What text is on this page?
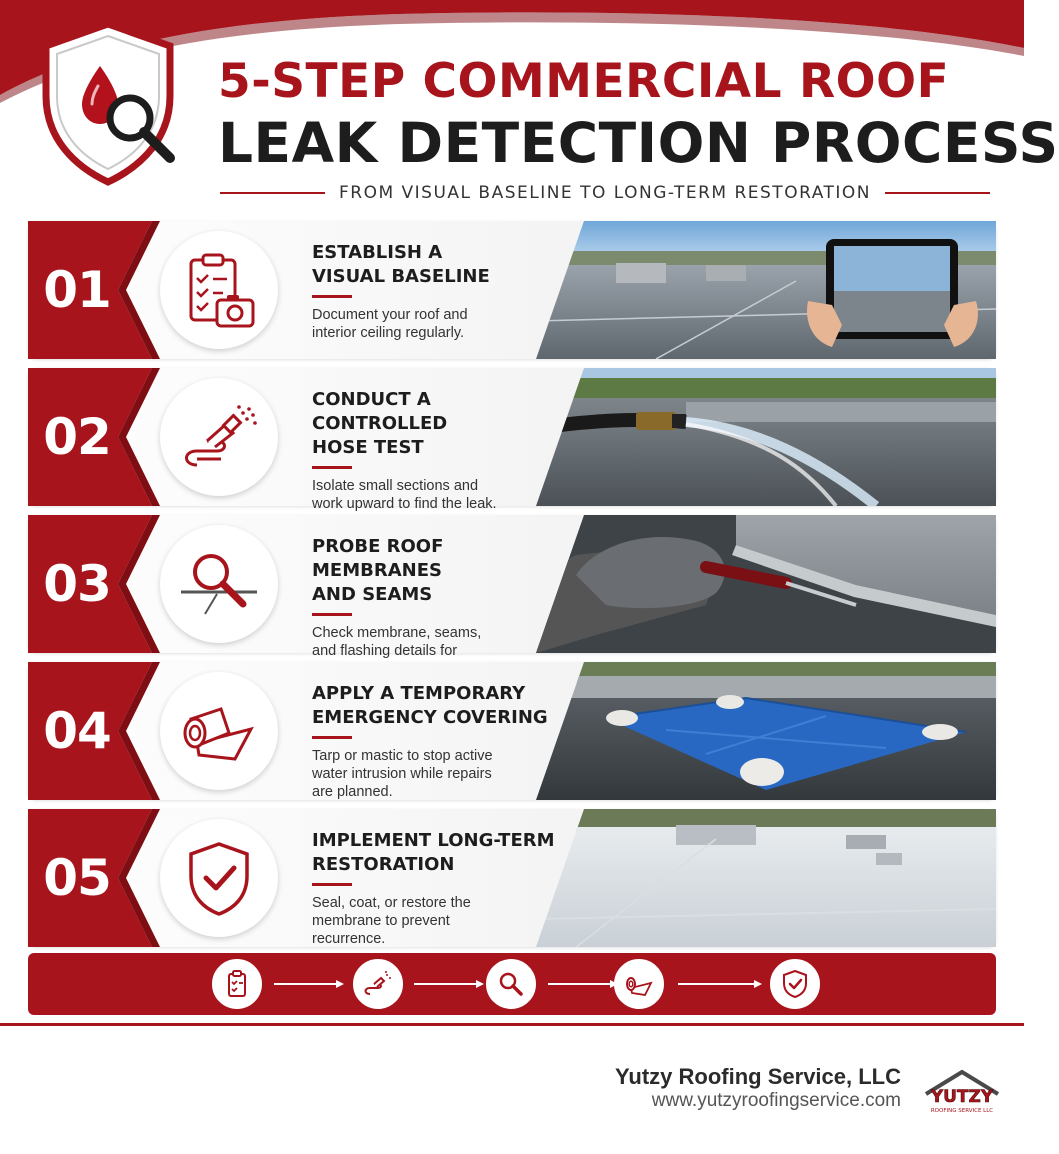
5-STEP COMMERCIAL ROOF
LEAK DETECTION PROCESS
FROM VISUAL BASELINE TO LONG-TERM RESTORATION
01
ESTABLISH A
VISUAL BASELINE
Document your roof and
interior ceiling regularly.
02
CONDUCT A CONTROLLED
HOSE TEST
Isolate small sections and
work upward to find the leak.
03
PROBE ROOF MEMBRANES
AND SEAMS
Check membrane, seams,
and flashing details for

04
APPLY A TEMPORARY
EMERGENCY COVERING
Tarp or mastic to stop active
water intrusion while repairs
are planned.
05
IMPLEMENT LONG-TERM
RESTORATION
Seal, coat, or restore the
membrane to prevent
recurrence.
Yutzy Roofing Service, LLC
www.yutzyroofingservice.com YUTZY
ROOFING SERVICE LLC
